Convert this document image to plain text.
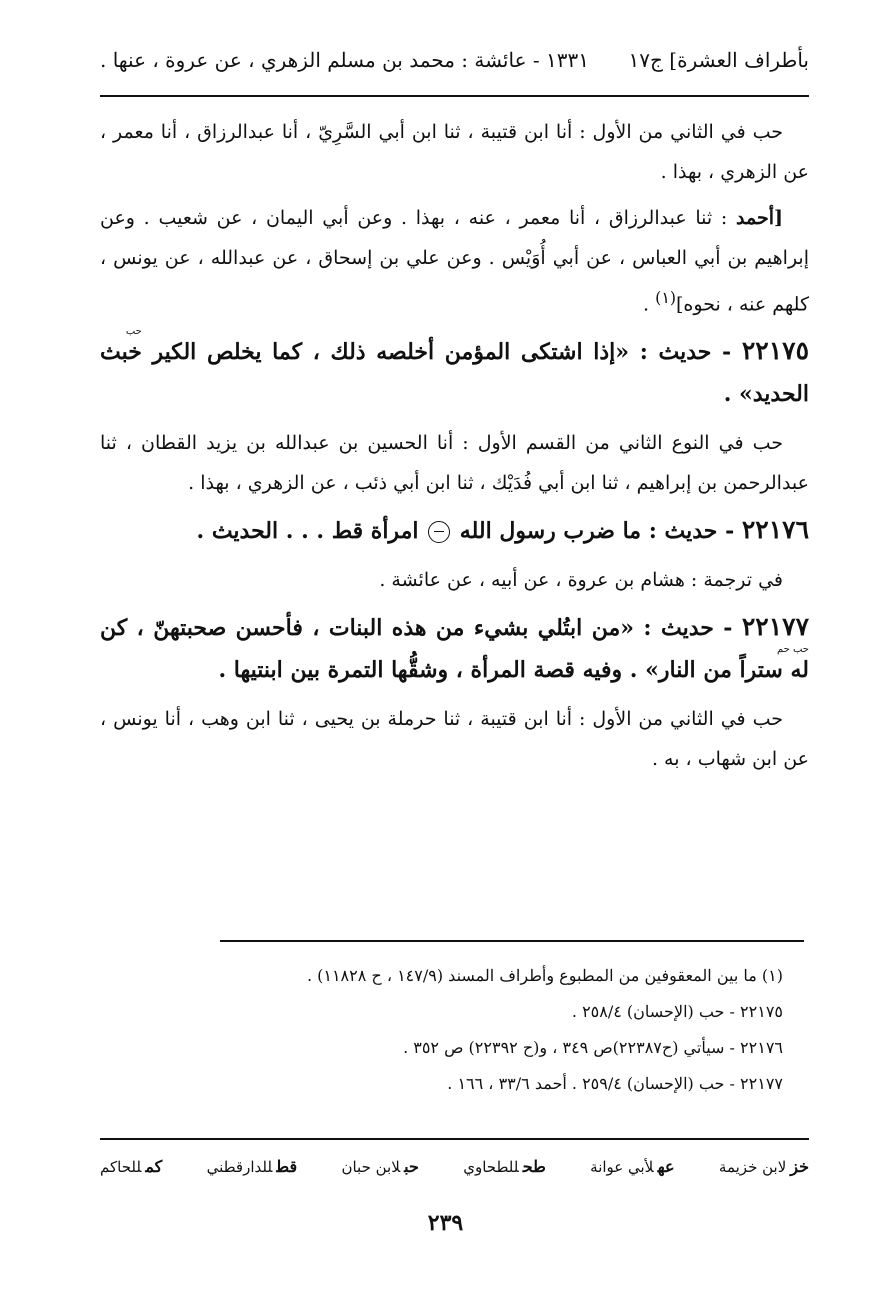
بأطراف العشرة] ج١٧
١٣٣١ - عائشة : محمد بن مسلم الزهري ، عن عروة ، عنها .

حب في الثاني من الأول : أنا ابن قتيبة ، ثنا ابن أبي السَّرِيّ ، أنا عبدالرزاق ، أنا معمر ، عن الزهري ، بهذا .

[أحمد : ثنا عبدالرزاق ، أنا معمر ، عنه ، بهذا . وعن أبي اليمان ، عن شعيب . وعن إبراهيم بن أبي العباس ، عن أبي أُوَيْس . وعن علي بن إسحاق ، عن عبدالله ، عن يونس ، كلهم عنه ، نحوه]$^{(١)}$ .

٢٢١٧٥ - حديث : «إذا اشتكى المؤمن أخلصه ذلك ، كما يخلص الكير
حب
خبث الحديد» .

حب في النوع الثاني من القسم الأول : أنا الحسين بن عبدالله بن يزيد القطان ، ثنا عبدالرحمن بن إبراهيم ، ثنا ابن أبي فُدَيْك ، ثنا ابن أبي ذئب ، عن الزهري ، بهذا .

٢٢١٧٦ - حديث : ما ضرب رسول الله  امرأة قط . . . الحديث .

في ترجمة : هشام بن عروة ، عن أبيه ، عن عائشة .

٢٢١٧٧ - حديث : «من ابتُلي بشيء من هذه البنات ، فأحسن صحبتهنّ ، كن
حب حم
له ستراً من النار» . وفيه قصة المرأة ، وشقُّها التمرة بين ابنتيها .

حب في الثاني من الأول : أنا ابن قتيبة ، ثنا حرملة بن يحيى ، ثنا ابن وهب ، أنا يونس ، عن ابن شهاب ، به .

(١) ما بين المعقوفين من المطبوع وأطراف المسند (١٤٧/٩ ، ح ١١٨٢٨) .
٢٢١٧٥ - حب (الإحسان) ٢٥٨/٤ .
٢٢١٧٦ - سيأتي (ح٢٢٣٨٧)ص ٣٤٩ ، و(ح ٢٢٣٩٢) ص ٣٥٢ .
٢٢١٧٧ - حب (الإحسان) ٢٥٩/٤ . أحمد ٣٣/٦ ، ١٦٦ .
خزلابن خزيمة
عهلأبي عوانة
طحللطحاوي
حبلابن حبان
قطللدارقطني
كمللحاكم
٢٣٩
